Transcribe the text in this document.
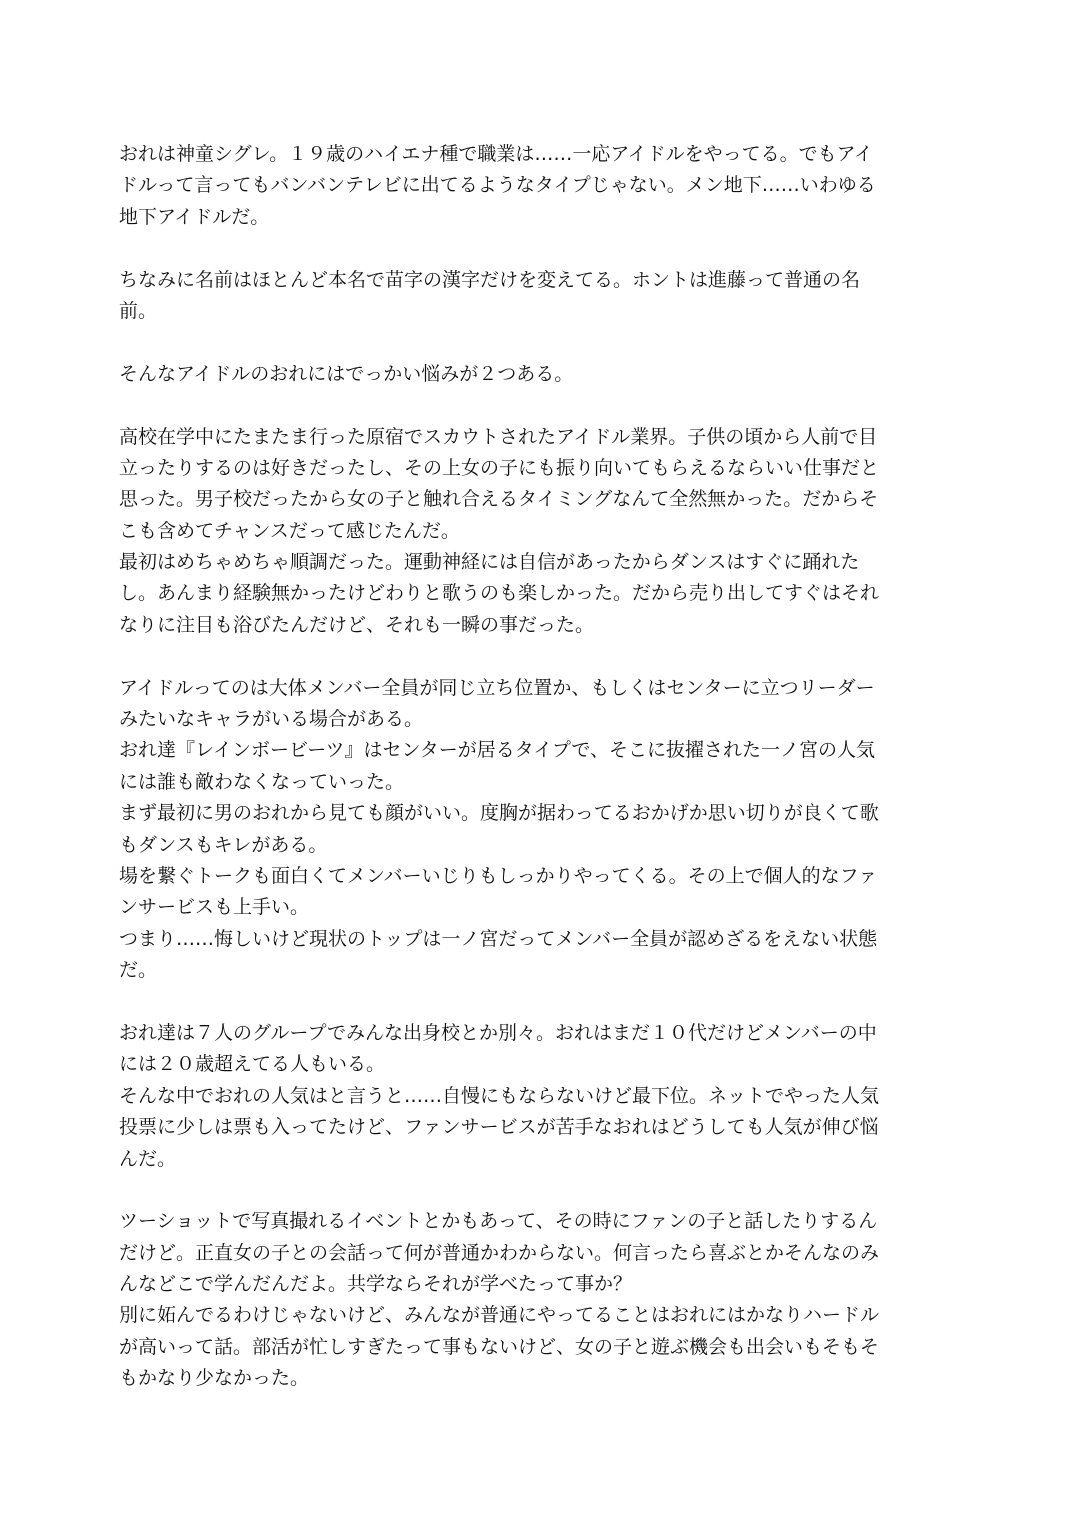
おれは神童シグレ。１９歳のハイエナ種で職業は……一応アイドルをやってる。でもアイ
ドルって言ってもバンバンテレビに出てるようなタイプじゃない。メン地下……いわゆる
地下アイドルだ。
ちなみに名前はほとんど本名で苗字の漢字だけを変えてる。ホントは進藤って普通の名
前。
そんなアイドルのおれにはでっかい悩みが２つある。
高校在学中にたまたま行った原宿でスカウトされたアイドル業界。子供の頃から人前で目
立ったりするのは好きだったし、その上女の子にも振り向いてもらえるならいい仕事だと
思った。男子校だったから女の子と触れ合えるタイミングなんて全然無かった。だからそ
こも含めてチャンスだって感じたんだ。
最初はめちゃめちゃ順調だった。運動神経には自信があったからダンスはすぐに踊れた
し。あんまり経験無かったけどわりと歌うのも楽しかった。だから売り出してすぐはそれ
なりに注目も浴びたんだけど、それも一瞬の事だった。
アイドルってのは大体メンバー全員が同じ立ち位置か、もしくはセンターに立つリーダー
みたいなキャラがいる場合がある。
おれ達『レインボービーツ』はセンターが居るタイプで、そこに抜擢された一ノ宮の人気
には誰も敵わなくなっていった。
まず最初に男のおれから見ても顔がいい。度胸が据わってるおかげか思い切りが良くて歌
もダンスもキレがある。
場を繋ぐトークも面白くてメンバーいじりもしっかりやってくる。その上で個人的なファ
ンサービスも上手い。
つまり……悔しいけど現状のトップは一ノ宮だってメンバー全員が認めざるをえない状態
だ。
おれ達は７人のグループでみんな出身校とか別々。おれはまだ１０代だけどメンバーの中
には２０歳超えてる人もいる。
そんな中でおれの人気はと言うと……自慢にもならないけど最下位。ネットでやった人気
投票に少しは票も入ってたけど、ファンサービスが苦手なおれはどうしても人気が伸び悩
んだ。
ツーショットで写真撮れるイベントとかもあって、その時にファンの子と話したりするん
だけど。正直女の子との会話って何が普通かわからない。何言ったら喜ぶとかそんなのみ
んなどこで学んだんだよ。共学ならそれが学べたって事か？
別に妬んでるわけじゃないけど、みんなが普通にやってることはおれにはかなりハードル
が高いって話。部活が忙しすぎたって事もないけど、女の子と遊ぶ機会も出会いもそもそ
もかなり少なかった。
